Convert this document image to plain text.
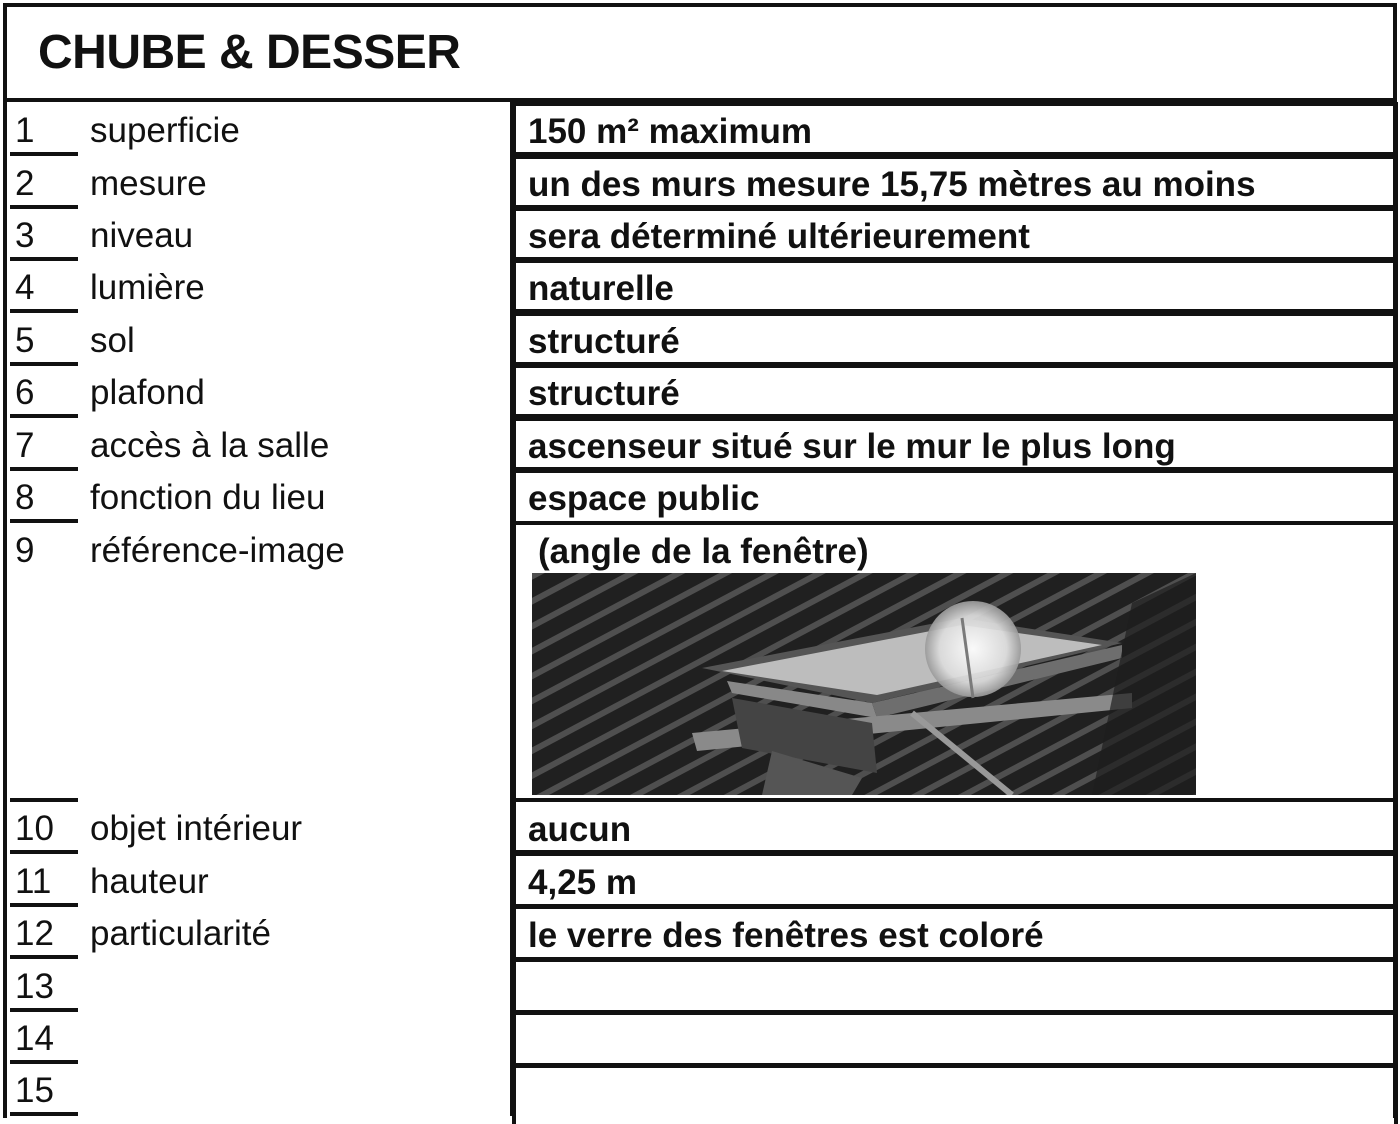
CHUBE & DESSER
1 superficie	150 m² maximum
2 mesure	un des murs mesure 15,75 mètres au moins
3 niveau	sera déterminé ultérieurement
4 lumière	naturelle
5 sol	structuré
6 plafond	structuré
7 accès à la salle	ascenseur situé sur le mur le plus long
8 fonction du lieu	espace public
9 référence-image	(angle de la fenêtre)
10 objet intérieur	aucun
11 hauteur	4,25 m
12 particularité	le verre des fenêtres est coloré
13
14
15
